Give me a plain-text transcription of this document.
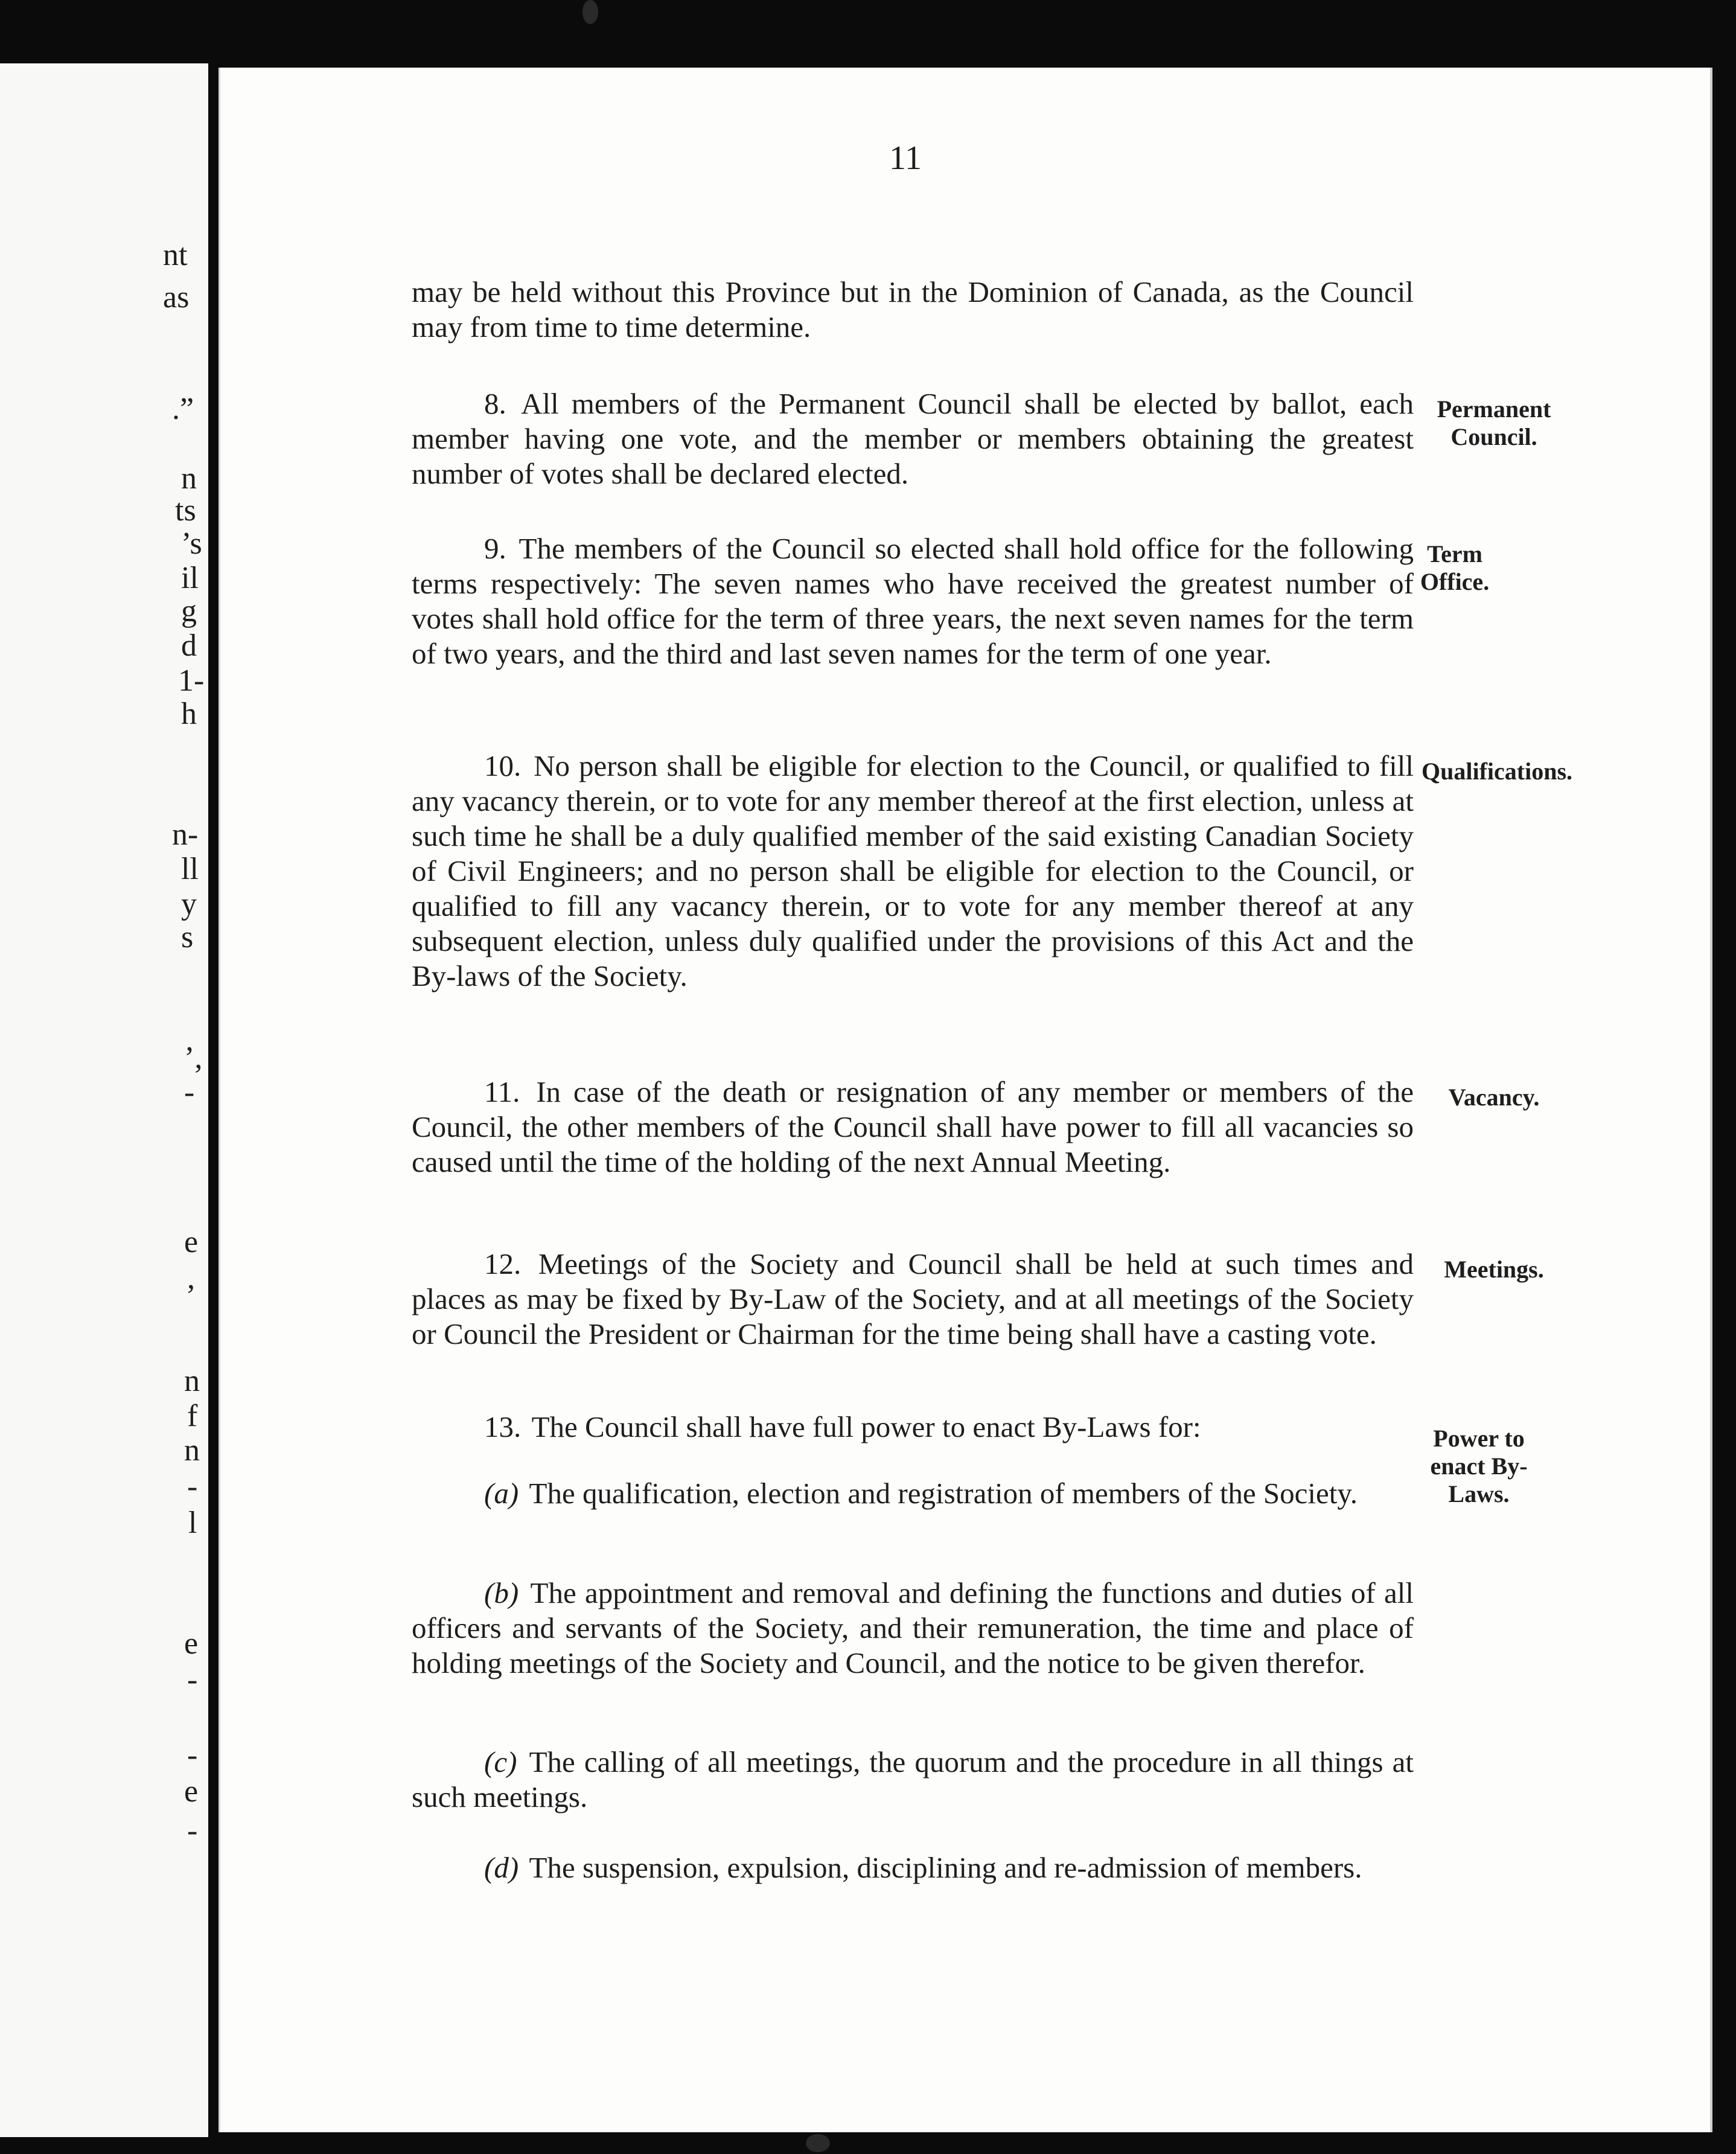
nt
as
.”
n
ts
’s
il
g
d
1-
h
n-
ll
y
s
’,
-
e
,
n
f
n
-
l
e
-
-
e
-
11
may be held without this Province but in the Dominion of Canada, as the Council may from time to time determine.
8. All members of the Permanent Council shall be elected by ballot, each member having one vote, and the member or members obtaining the greatest number of votes shall be declared elected.
9. The members of the Council so elected shall hold office for the following terms respectively: The seven names who have received the greatest number of votes shall hold office for the term of three years, the next seven names for the term of two years, and the third and last seven names for the term of one year.
10. No person shall be eligible for election to the Council, or qualified to fill any vacancy therein, or to vote for any member thereof at the first election, unless at such time he shall be a duly qualified member of the said existing Canadian Society of Civil Engineers; and no person shall be eligible for election to the Council, or qualified to fill any vacancy therein, or to vote for any member thereof at any subsequent election, unless duly qualified under the provisions of this Act and the By-laws of the Society.
11. In case of the death or resignation of any member or members of the Council, the other members of the Council shall have power to fill all vacancies so caused until the time of the holding of the next Annual Meeting.
12. Meetings of the Society and Council shall be held at such times and places as may be fixed by By-Law of the Society, and at all meetings of the Society or Council the President or Chairman for the time being shall have a casting vote.
13. The Council shall have full power to enact By-Laws for:
(a) The qualification, election and registration of members of the Society.
(b) The appointment and removal and defining the functions and duties of all officers and servants of the Society, and their remuneration, the time and place of holding meetings of the Society and Council, and the notice to be given therefor.
(c) The calling of all meetings, the quorum and the procedure in all things at such meetings.
(d) The suspension, expulsion, disciplining and re-admission of members.
Permanent Council.
Term Office.
Qualifications.
Vacancy.
Meetings.
Power to enact By-Laws.
